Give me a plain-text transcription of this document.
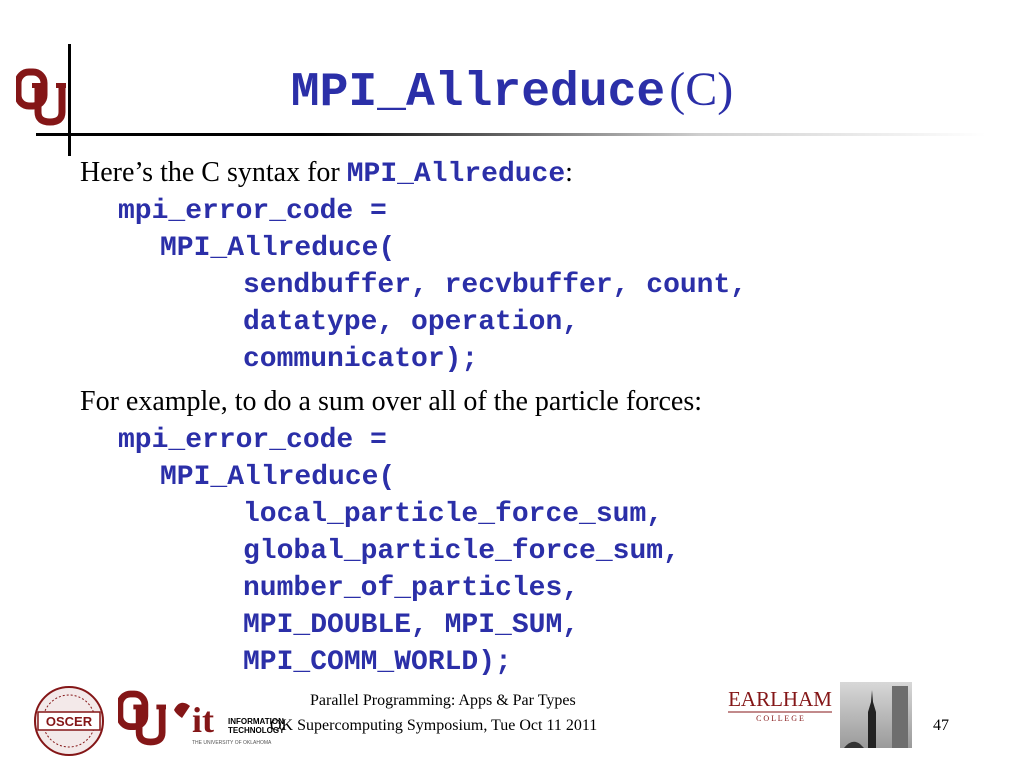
MPI_Allreduce (C)
Here’s the C syntax for MPI_Allreduce:
mpi_error_code =
MPI_Allreduce(
sendbuffer, recvbuffer, count,
datatype, operation,
communicator);
For example, to do a sum over all of the particle forces:
mpi_error_code =
MPI_Allreduce(
local_particle_force_sum,
global_particle_force_sum,
number_of_particles,
MPI_DOUBLE, MPI_SUM,
MPI_COMM_WORLD);
OSCER	it INFORMATION
TECHNOLOGY
THE UNIVERSITY OF OKLAHOMA
Parallel Programming: Apps & Par Types
OK Supercomputing Symposium, Tue Oct 11 2011
EARLHAM
C O L L E G E	47
